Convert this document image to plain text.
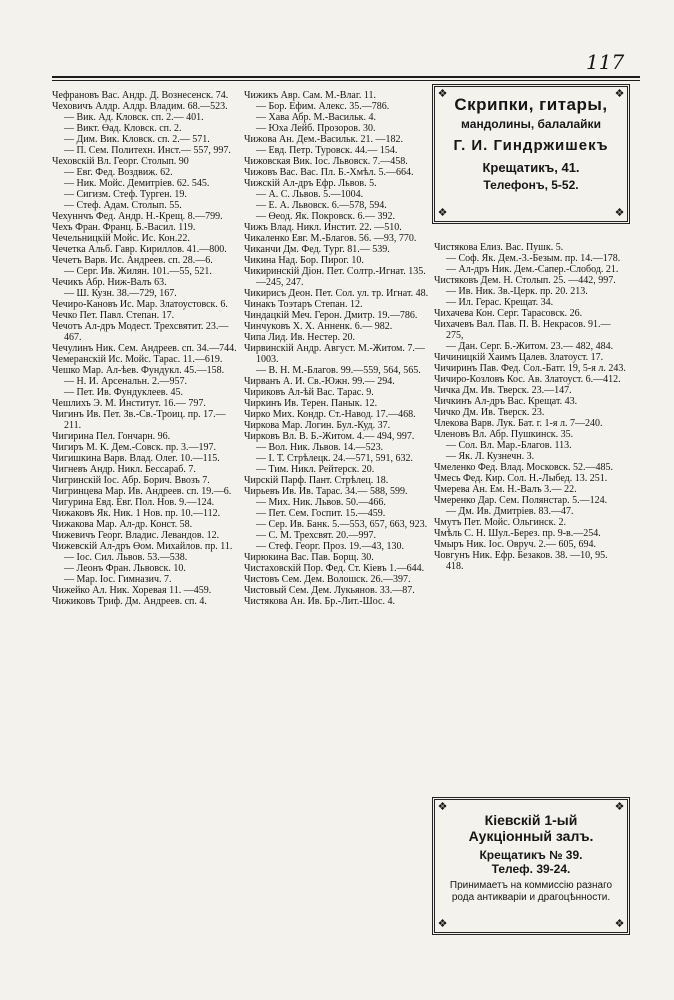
117
Чефрановъ Вас. Андр. Д. Вознесенск. 74.
Чеховичъ Алдр. Алдр. Владим. 68.—523.
— Вик. Ад. Кловск. сп. 2.— 401.
— Викт. Өад. Кловск. сп. 2.
— Дим. Вик. Кловск. сп. 2.— 571.
— П. Сем. Политехн. Инст.— 557, 997.
Чеховскій Вл. Георг. Столып. 90
— Евг. Фед. Воздвиж. 62.
— Ник. Мойс. Демитріев. 62. 545.
— Сигизм. Стеф. Турген. 19.
— Стеф. Адам. Столып. 55.
Чехуннчъ Фед. Андр. Н.-Крещ. 8.—799.
Чехъ Фран. Франц. Б.-Васил. 119.
Чечельницкій Мойс. Ис. Кон.22.
Чечетка Альб. Гавр. Кириллов. 41.—800.
Чечетъ Варв. Ис. Андреев. сп. 28.—6.
— Серг. Ив. Жилян. 101.—55, 521.
Чечикъ Абр. Ниж-Валъ 63.
— Ш. Кузн. 38.—729, 167.
Чечиро-Кановъ Ис. Мар. Златоустовск. 6.
Чечко Пет. Павл. Степан. 17.
Чечотъ Ал-дръ Модест. Трехсвятит. 23.—467.
Чечулинъ Ник. Сем. Андреев. сп. 34.—744.
Чемеранскій Ис. Мойс. Тарас. 11.—619.
Чешко Мар. Ал-ѣев. Фундукл. 45.—158.
— Н. И. Арсенальн. 2.—957.
— Пет. Ив. Фундуклеев. 45.
Чешлихъ Э. М. Институт. 16.— 797.
Чигинъ Ив. Пет. Зв.-Св.-Троиц. пр. 17.—211.
Чигирина Пел. Гончарн. 96.
Чигиръ М. К. Дем.-Совск. пр. 3.—197.
Чигишкина Варв. Влад. Олег. 10.—115.
Чигневъ Андр. Никл. Бессараб. 7.
Чигринскій Іос. Абр. Борич. Ввозъ 7.
Чигринцева Мар. Ив. Андреев. сп. 19.—6.
Чигурина Евд. Евг. Пол. Нов. 9.—124.
Чижаковъ Як. Ник. 1 Нов. пр. 10.—112.
Чижакова Мар. Ал-др. Конст. 58.
Чижевичъ Георг. Владис. Левандов. 12.
Чижевскій Ал-дръ Өом. Михайлов. пр. 11.
— Іос. Сил. Львов. 53.—538.
— Леонъ Фран. Львовск. 10.
— Мар. Іос. Гимназич. 7.
Чижейко Ал. Ник. Хоревая 11. —459.
Чижиковъ Триф. Дм. Андреев. сп. 4.
Чижикъ Авр. Сам. М.-Влаг. 11.
— Бор. Ефим. Алекс. 35.—786.
— Хава Абр. М.-Васильк. 4.
— Юха Лейб. Прозоров. 30.
Чижова Ан. Дем.-Васильк. 21. —182.
— Евд. Петр. Туровск. 44.— 154.
Чижовская Вик. Іос. Львовск. 7.—458.
Чижовъ Вас. Вас. Пл. Б.-Хмѣл. 5.—664.
Чижскій Ал-дръ Ефр. Львов. 5.
— А. С. Львов. 5.—1004.
— Е. А. Львовск. 6.—578, 594.
— Өеод. Як. Покровск. 6.— 392.
Чижъ Влад. Никл. Инстит. 22. —510.
Чикаленко Евг. М.-Благов. 56. —93, 770.
Чиканчи Дм. Фед. Тург. 81.— 539.
Чикина Над. Бор. Пирог. 10.
Чикиринскій Діон. Пет. Солтр.-Игнат. 135.—245, 247.
Чикирисъ Деон. Пет. Сол. ул. тр. Игнат. 48.
Чинакъ Тоэтаръ Степан. 12.
Чиндацкій Меч. Герон. Дмитр. 19.—786.
Чинчуковъ Х. Х. Анненк. 6.— 982.
Чипа Лид. Ив. Нестер. 20.
Чирвинскій Андр. Август. М.-Житом. 7.—1003.
— В. Н. М.-Благов. 99.—559, 564, 565.
Чирванъ А. И. Св.-Южн. 99.— 294.
Чириковъ Ал-ѣй Вас. Тарас. 9.
Чиркинъ Ив. Терен. Панык. 12.
Чирко Мих. Кондр. Ст.-Навод. 17.—468.
Чиркова Мар. Логин. Бул.-Куд. 37.
Чирковъ Вл. В. Б.-Житом. 4.— 494, 997.
— Вол. Ник. Львов. 14.—523.
— І. Т. Стрѣлецк. 24.—571, 591, 632.
— Тим. Никл. Рейтерск. 20.
Чирскій Парф. Пант. Стрѣлец. 18.
Чирьевъ Ив. Ив. Тарас. 34.— 588, 599.
— Мих. Ник. Львов. 50.—466.
— Пет. Сем. Госпит. 15.—459.
— Сер. Ив. Банк. 5.—553, 657, 663, 923.
— С. М. Трехсвят. 20.—997.
— Стеф. Георг. Проз. 19.—43, 130.
Чирюкина Вас. Пав. Борщ. 30.
Чистаховскій Пор. Фед. Ст. Кіевъ 1.—644.
Чистовъ Сем. Дем. Волошск. 26.—397.
Чистовый Сем. Дем. Лукьянов. 33.—87.
Чистякова Ан. Ив. Бр.-Лит.-Шос. 4.
Чистякова Елиз. Вас. Пушк. 5.
— Соф. Як. Дем.-3.-Безым. пр. 14.—178.
— Ал-дръ Ник. Дем.-Сапер.-Слобод. 21.
Чистяковъ Дем. Н. Столып. 25. —442, 997.
— Ив. Ник. Зв.-Церк. пр. 20. 213.
— Ил. Герас. Крещат. 34.
Чихачева Кон. Серг. Тарасовск. 26.
Чихачевъ Вал. Пав. П. В. Некрасов. 91.—275,
— Дан. Серг. Б.-Житом. 23.— 482, 484.
Чичиницкій Хаимъ Цалев. Златоуст. 17.
Чичиринъ Пав. Фед. Сол.-Батг. 19, 5-я л. 243.
Чичиро-Козловъ Кос. Ав. Златоуст. 6.—412.
Чичка Дм. Ив. Тверск. 23.—147.
Чичкинъ Ал-дръ Вас. Крещат. 43.
Чичко Дм. Ив. Тверск. 23.
Члекова Варв. Лук. Бат. г. 1-я л. 7—240.
Членовъ Вл. Абр. Пушкинск. 35.
— Сол. Вл. Мар.-Благов. 113.
— Як. Л. Кузнечн. 3.
Чмеленко Фед. Влад. Московск. 52.—485.
Чмесь Фед. Кир. Сол. Н.-Лыбед. 13. 251.
Чмерева Ан. Ем. Н.-Валъ 3.— 22.
Чмеренко Дар. Сем. Полянстар. 5.—124.
— Дм. Ив. Дмитріев. 83.—47.
Чмутъ Пет. Мойс. Ольгинск. 2.
Чмѣль С. Н. Шул.-Берез. пр. 9-в.—254.
Чмыръ Ник. Іос. Овруч. 2.— 605, 694.
Човгунъ Ник. Ефр. Безаков. 38. —10, 95. 418.
❖	❖
❖	❖
Скрипки, гитары,
мандолины, балалайки
Г. И. Гиндржишекъ
Крещатикъ, 41.
Телефонъ, 5-52.
❖	❖
❖	❖
Кіевскій 1-ый
Аукціонный залъ.
Крещатикъ № 39.
Телеф. 39-24.
Принимаетъ на коммиссію разнаго рода антикваріи и драгоцѣнности.
